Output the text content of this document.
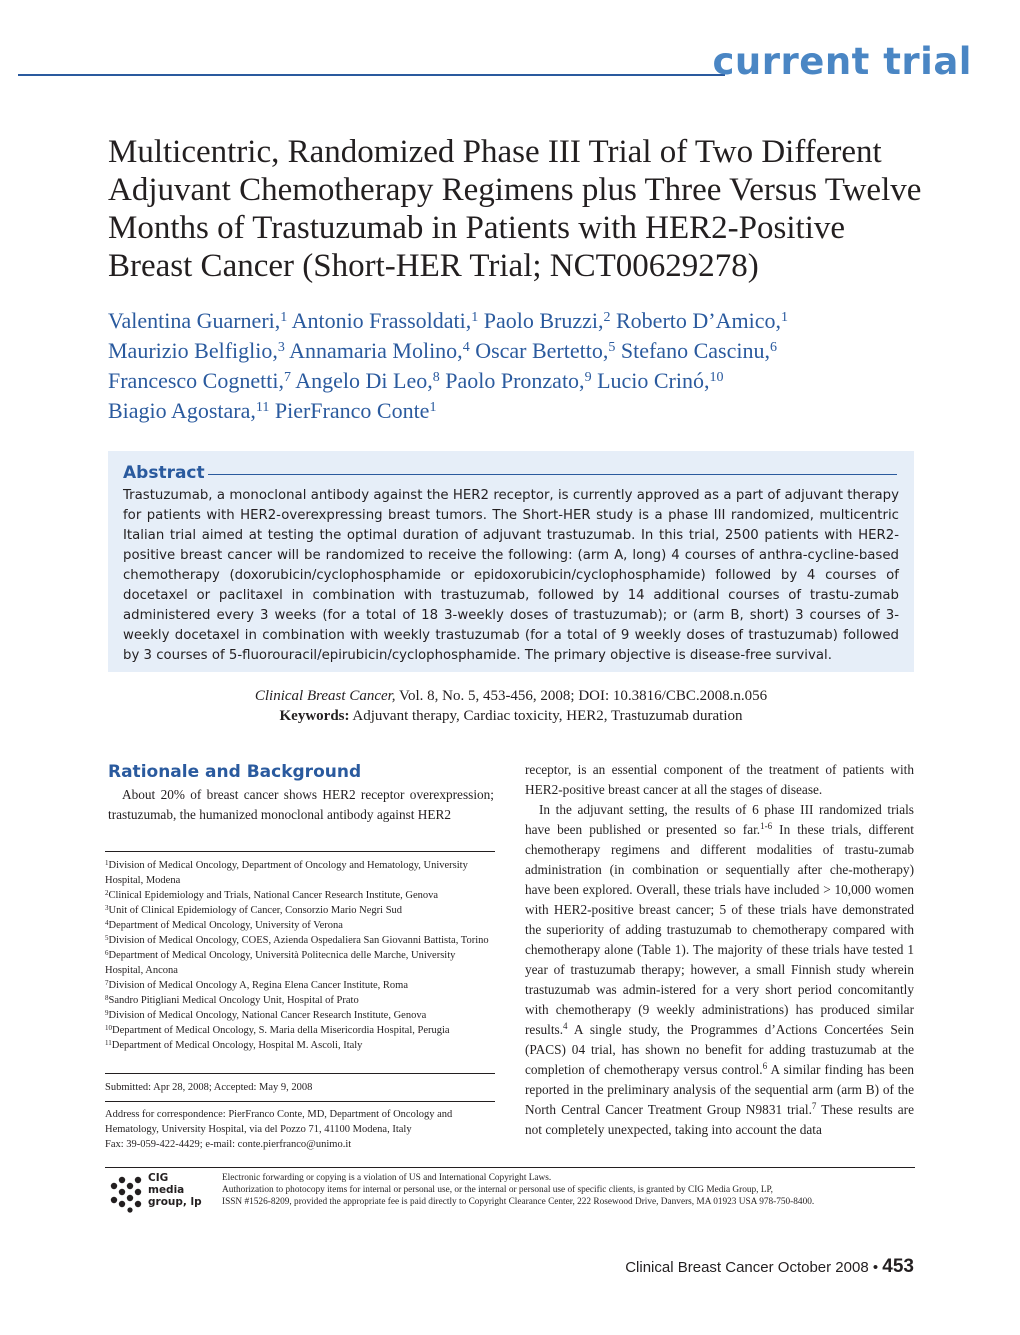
current trial
Multicentric, Randomized Phase III Trial of Two Different Adjuvant Chemotherapy Regimens plus Three Versus Twelve Months of Trastuzumab in Patients with HER2-Positive Breast Cancer (Short-HER Trial; NCT00629278)
Valentina Guarneri,$^1$ Antonio Frassoldati,$^1$ Paolo Bruzzi,$^2$ Roberto D’Amico,$^1$
Maurizio Belfiglio,$^3$ Annamaria Molino,$^4$ Oscar Bertetto,$^5$ Stefano Cascinu,$^6$
Francesco Cognetti,$^7$ Angelo Di Leo,$^8$ Paolo Pronzato,$^9$ Lucio Crinó,$^{10}$
Biagio Agostara,$^{11}$ PierFranco Conte$^1$
Abstract
Trastuzumab, a monoclonal antibody against the HER2 receptor, is currently approved as a part of adjuvant therapy for patients with HER2-overexpressing breast tumors. The Short-HER study is a phase III randomized, multicentric Italian trial aimed at testing the optimal duration of adjuvant trastuzumab. In this trial, 2500 patients with HER2-positive breast cancer will be randomized to receive the following: (arm A, long) 4 courses of anthra-cycline-based chemotherapy (doxorubicin/cyclophosphamide or epidoxorubicin/cyclophosphamide) followed by 4 courses of docetaxel or paclitaxel in combination with trastuzumab, followed by 14 additional courses of trastu-zumab administered every 3 weeks (for a total of 18 3-weekly doses of trastuzumab); or (arm B, short) 3 courses of 3-weekly docetaxel in combination with weekly trastuzumab (for a total of 9 weekly doses of trastuzumab) followed by 3 courses of 5-fluorouracil/epirubicin/cyclophosphamide. The primary objective is disease-free survival.
Clinical Breast Cancer, Vol. 8, No. 5, 453-456, 2008; DOI: 10.3816/CBC.2008.n.056
Keywords: Adjuvant therapy, Cardiac toxicity, HER2, Trastuzumab duration
Rationale and Background
About 20% of breast cancer shows HER2 receptor overexpression; trastuzumab, the humanized monoclonal antibody against HER2
$^1$Division of Medical Oncology, Department of Oncology and Hematology, University Hospital, Modena
$^2$Clinical Epidemiology and Trials, National Cancer Research Institute, Genova
$^3$Unit of Clinical Epidemiology of Cancer, Consorzio Mario Negri Sud
$^4$Department of Medical Oncology, University of Verona
$^5$Division of Medical Oncology, COES, Azienda Ospedaliera San Giovanni Battista, Torino
$^6$Department of Medical Oncology, Università Politecnica delle Marche, University Hospital, Ancona
$^7$Division of Medical Oncology A, Regina Elena Cancer Institute, Roma
$^8$Sandro Pitigliani Medical Oncology Unit, Hospital of Prato
$^9$Division of Medical Oncology, National Cancer Research Institute, Genova
$^{10}$Department of Medical Oncology, S. Maria della Misericordia Hospital, Perugia
$^{11}$Department of Medical Oncology, Hospital M. Ascoli, Italy
Submitted: Apr 28, 2008; Accepted: May 9, 2008
Address for correspondence: PierFranco Conte, MD, Department of Oncology and Hematology, University Hospital, via del Pozzo 71, 41100 Modena, Italy
Fax: 39-059-422-4429; e-mail: conte.pierfranco@unimo.it

receptor, is an essential component of the treatment of patients with HER2-positive breast cancer at all the stages of disease.

In the adjuvant setting, the results of 6 phase III randomized trials have been published or presented so far.$^{1-6}$ In these trials, different chemotherapy regimens and different modalities of trastu-zumab administration (in combination or sequentially after che-motherapy) have been explored. Overall, these trials have included > 10,000 women with HER2-positive breast cancer; 5 of these trials have demonstrated the superiority of adding trastuzumab to chemotherapy compared with chemotherapy alone (Table 1). The majority of these trials have tested 1 year of trastuzumab therapy; however, a small Finnish study wherein trastuzumab was admin-istered for a very short period concomitantly with chemotherapy (9 weekly administrations) has produced similar results.$^4$ A single study, the Programmes d’Actions Concertées Sein (PACS) 04 trial, has shown no benefit for adding trastuzumab at the completion of chemotherapy versus control.$^6$ A similar finding has been reported in the preliminary analysis of the sequential arm (arm B) of the North Central Cancer Treatment Group N9831 trial.$^7$ These results are not completely unexpected, taking into account the data

CIG
media
group, lp
Electronic forwarding or copying is a violation of US and International Copyright Laws.
Authorization to photocopy items for internal or personal use, or the internal or personal use of specific clients, is granted by CIG Media Group, LP,
ISSN #1526-8209, provided the appropriate fee is paid directly to Copyright Clearance Center, 222 Rosewood Drive, Danvers, MA 01923 USA 978-750-8400.
Clinical Breast Cancer October 2008 • 453
